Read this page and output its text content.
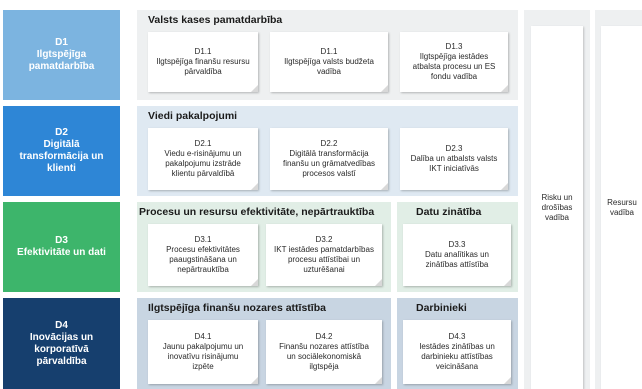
D1
Ilgtspējīga pamatdarbība
Valsts kases pamatdarbība
D1.1
Ilgtspējīga finanšu resursu pārvaldība
D1.1
Ilgtspējīga valsts budžeta vadība
D1.3
Ilgtspējīga iestādes atbalsta procesu un ES fondu vadība
D2
Digitālā transformācija un klienti
Viedi pakalpojumi
D2.1
Viedu e-risinājumu un pakalpojumu izstrāde klientu pārvaldībā
D2.2
Digitālā transformācija finanšu un grāmatvedības procesos valstī
D2.3
Dalība un atbalsts valsts IKT iniciatīvās
D3
Efektivitāte un dati
Procesu un resursu efektivitāte, nepārtrauktība
D3.1
Procesu efektivitātes paaugstināšana un nepārtrauktība
D3.2
IKT iestādes pamatdarbības procesu attīstībai un uzturēšanai
Datu zinātība
D3.3
Datu analītikas un zinātības attīstība
D4
Inovācijas un korporatīvā pārvaldība
Ilgtspējīga finanšu nozares attīstība
D4.1
Jaunu pakalpojumu un inovatīvu risinājumu izpēte
D4.2
Finanšu nozares attīstība un sociālekonomiskā ilgtspēja
Darbinieki
D4.3
Iestādes zinātības un darbinieku attīstības veicināšana
Risku un drošības vadība
Resursu vadība
